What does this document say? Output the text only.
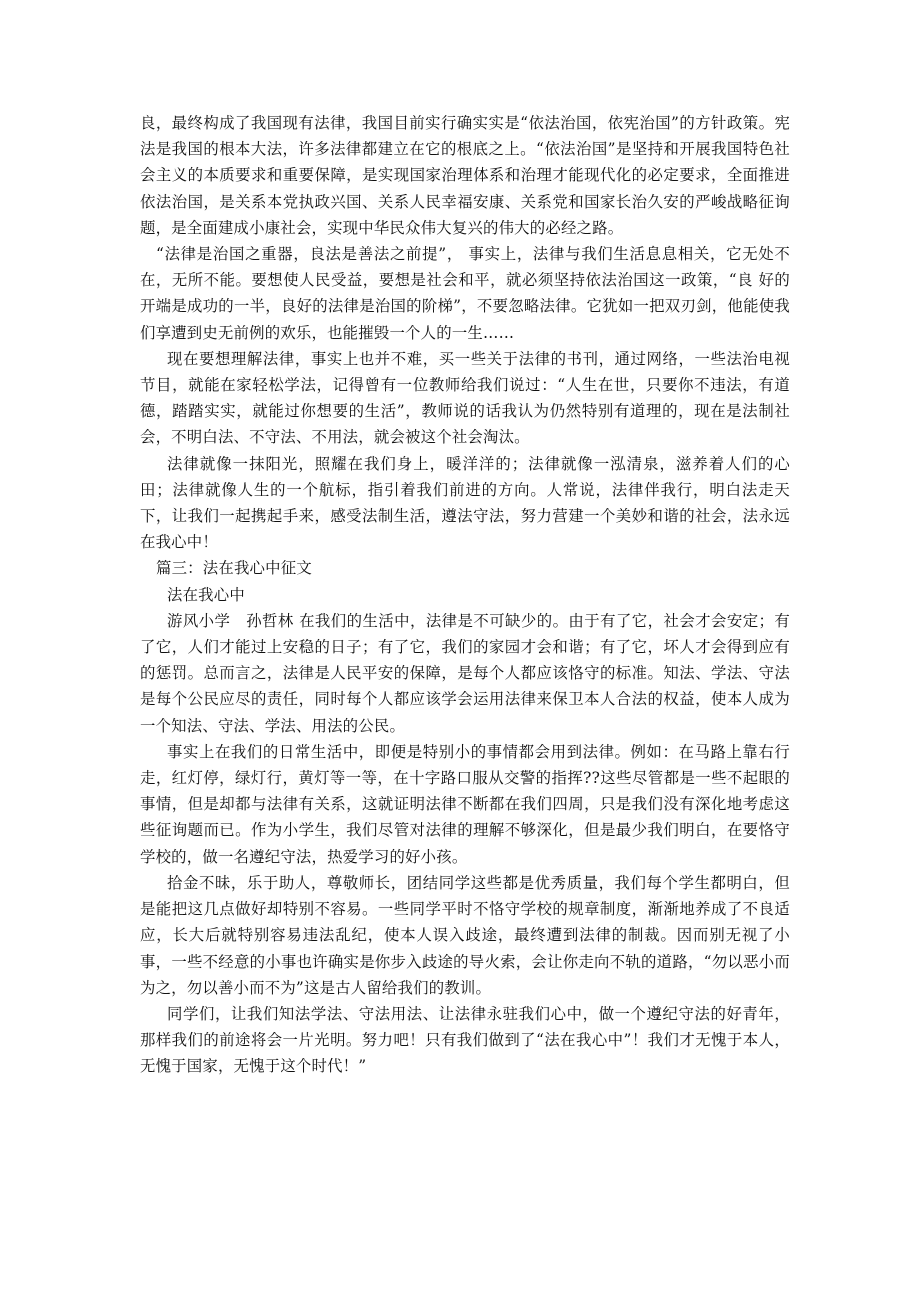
良，最终构成了我国现有法律，我国目前实行确实实是“依法治国，依宪治国”的方针政策。宪法是我国的根本大法，许多法律都建立在它的根底之上。“依法治国”是坚持和开展我国特色社会主义的本质要求和重要保障，是实现国家治理体系和治理才能现代化的必定要求，全面推进依法治国，是关系本党执政兴国、关系人民幸福安康、关系党和国家长治久安的严峻战略征询题，是全面建成小康社会，实现中华民众伟大复兴的伟大的必经之路。

“法律是治国之重器，良法是善法之前提”， 事实上，法律与我们生活息息相关，它无处不在，无所不能。要想使人民受益，要想是社会和平，就必须坚持依法治国这一政策，“良 好的开端是成功的一半，良好的法律是治国的阶梯”，不要忽略法律。它犹如一把双刃剑，他能使我们享遭到史无前例的欢乐，也能摧毁一个人的一生……

现在要想理解法律，事实上也并不难，买一些关于法律的书刊，通过网络，一些法治电视节目，就能在家轻松学法，记得曾有一位教师给我们说过：“人生在世，只要你不违法，有道德，踏踏实实，就能过你想要的生活”，教师说的话我认为仍然特别有道理的，现在是法制社会，不明白法、不守法、不用法，就会被这个社会淘汰。

法律就像一抹阳光，照耀在我们身上，暖洋洋的；法律就像一泓清泉，滋养着人们的心田；法律就像人生的一个航标，指引着我们前进的方向。人常说，法律伴我行，明白法走天下，让我们一起携起手来，感受法制生活，遵法守法，努力营建一个美妙和谐的社会，法永远在我心中！

篇三：法在我心中征文

法在我心中

游风小学　孙哲林 在我们的生活中，法律是不可缺少的。由于有了它，社会才会安定；有了它，人们才能过上安稳的日子；有了它，我们的家园才会和谐；有了它，坏人才会得到应有的惩罚。总而言之，法律是人民平安的保障，是每个人都应该恪守的标准。知法、学法、守法是每个公民应尽的责任，同时每个人都应该学会运用法律来保卫本人合法的权益，使本人成为一个知法、守法、学法、用法的公民。

事实上在我们的日常生活中，即便是特别小的事情都会用到法律。例如：在马路上靠右行走，红灯停，绿灯行，黄灯等一等，在十字路口服从交警的指挥??这些尽管都是一些不起眼的事情，但是却都与法律有关系，这就证明法律不断都在我们四周，只是我们没有深化地考虑这些征询题而已。作为小学生，我们尽管对法律的理解不够深化，但是最少我们明白，在要恪守学校的，做一名遵纪守法，热爱学习的好小孩。

拾金不昧，乐于助人，尊敬师长，团结同学这些都是优秀质量，我们每个学生都明白，但是能把这几点做好却特别不容易。一些同学平时不恪守学校的规章制度，渐渐地养成了不良适应，长大后就特别容易违法乱纪，使本人误入歧途，最终遭到法律的制裁。因而别无视了小事，一些不经意的小事也许确实是你步入歧途的导火索，会让你走向不轨的道路，“勿以恶小而为之，勿以善小而不为”这是古人留给我们的教训。

同学们，让我们知法学法、守法用法、让法律永驻我们心中，做一个遵纪守法的好青年，那样我们的前途将会一片光明。努力吧！只有我们做到了“法在我心中”！我们才无愧于本人，无愧于国家，无愧于这个时代！”
